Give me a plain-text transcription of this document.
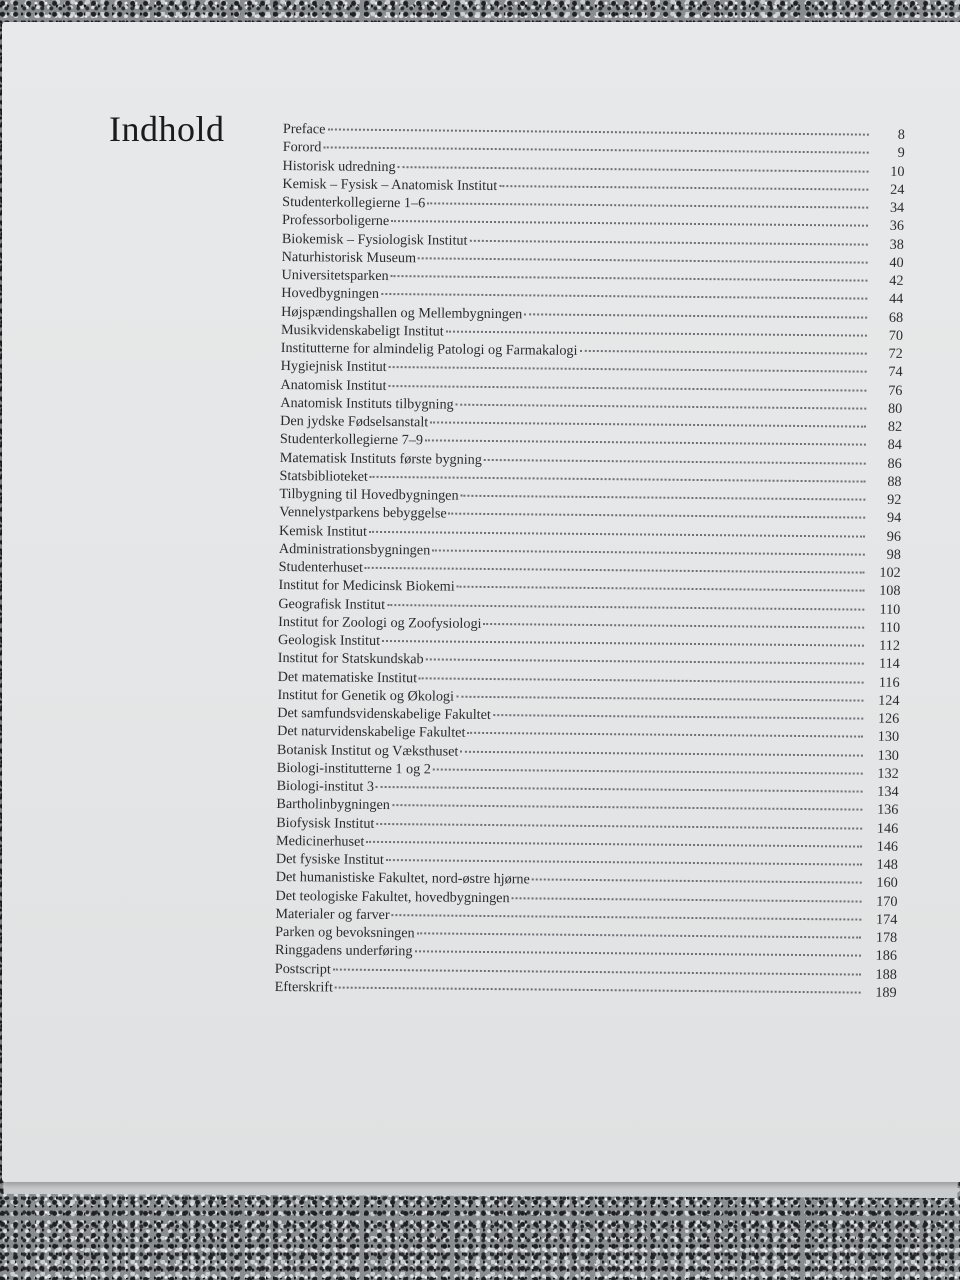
Indhold	Preface	8
Forord	9
Historisk udredning	10
Kemisk – Fysisk – Anatomisk Institut	24
Studenterkollegierne 1–6	34
Professorboligerne	36
Biokemisk – Fysiologisk Institut	38
Naturhistorisk Museum	40
Universitetsparken	42
Hovedbygningen	44
Højspændingshallen og Mellembygningen	68
Musikvidenskabeligt Institut	70
Institutterne for almindelig Patologi og Farmakalogi	72
Hygiejnisk Institut	74
Anatomisk Institut	76
Anatomisk Instituts tilbygning	80
Den jydske Fødselsanstalt	82
Studenterkollegierne 7–9	84
Matematisk Instituts første bygning	86
Statsbiblioteket	88
Tilbygning til Hovedbygningen	92
Vennelystparkens bebyggelse	94
Kemisk Institut	96
Administrationsbygningen	98
Studenterhuset	102
Institut for Medicinsk Biokemi	108
Geografisk Institut	110
Institut for Zoologi og Zoofysiologi	110
Geologisk Institut	112
Institut for Statskundskab	114
Det matematiske Institut	116
Institut for Genetik og Økologi	124
Det samfundsvidenskabelige Fakultet	126
Det naturvidenskabelige Fakultet	130
Botanisk Institut og Væksthuset	130
Biologi-institutterne 1 og 2	132
Biologi-institut 3	134
Bartholinbygningen	136
Biofysisk Institut	146
Medicinerhuset	146
Det fysiske Institut	148
Det humanistiske Fakultet, nord-østre hjørne	160
Det teologiske Fakultet, hovedbygningen	170
Materialer og farver	174
Parken og bevoksningen	178
Ringgadens underføring	186
Postscript	188
Efterskrift	189
